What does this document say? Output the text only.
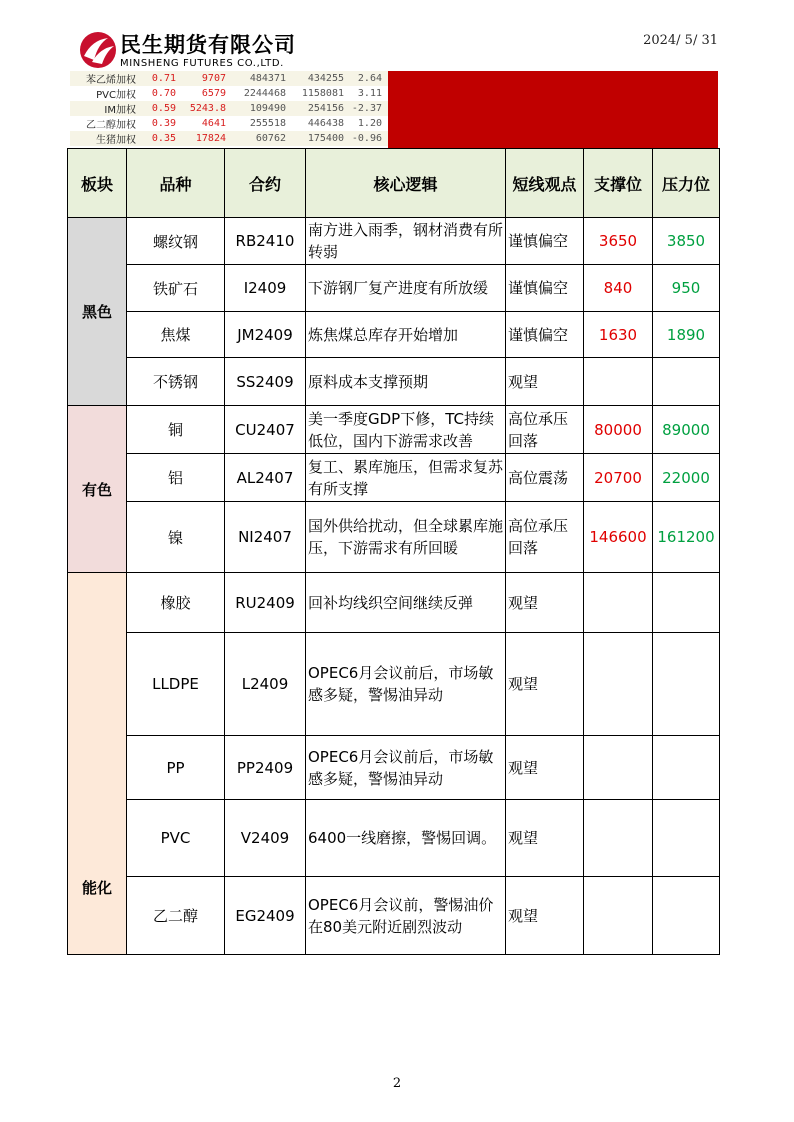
民生期货有限公司
MINSHENG FUTURES CO.,LTD.
2024/ 5/ 31
苯乙烯加权	0.71	9707	484371	434255	2.64
PVC加权	0.70	6579	2244468	1158081	3.11
IM加权	0.59	5243.8	109490	254156 -2.37
乙二醇加权	0.39	4641	255518	446438	1.20
生猪加权	0.35	17824	60762	175400 -0.96
板块	品种	合约	核心逻辑	短线观点	支撑位	压力位
黑色	螺纹钢	RB2410	南方进入雨季，钢材消费有所转弱	谨慎偏空	3650	3850
	铁矿石	I2409	下游钢厂复产进度有所放缓	谨慎偏空	840	950
	焦煤	JM2409	炼焦煤总库存开始增加	谨慎偏空	1630	1890
	不锈钢	SS2409	原料成本支撑预期	观望		
有色	铜	CU2407	美一季度GDP下修，TC持续低位，国内下游需求改善	高位承压回落	80000	89000
	铝	AL2407	复工、累库施压，但需求复苏有所支撑	高位震荡	20700	22000
	镍	NI2407	国外供给扰动，但全球累库施压，下游需求有所回暖	高位承压回落	146600	161200
能化	橡胶	RU2409	回补均线织空间继续反弹	观望		
	LLDPE	L2409	OPEC6月会议前后，市场敏感多疑，警惕油异动	观望		
	PP	PP2409	OPEC6月会议前后，市场敏感多疑，警惕油异动	观望		
	PVC	V2409	6400一线磨擦，警惕回调。	观望		
	乙二醇	EG2409	OPEC6月会议前，警惕油价在80美元附近剧烈波动	观望		
2
